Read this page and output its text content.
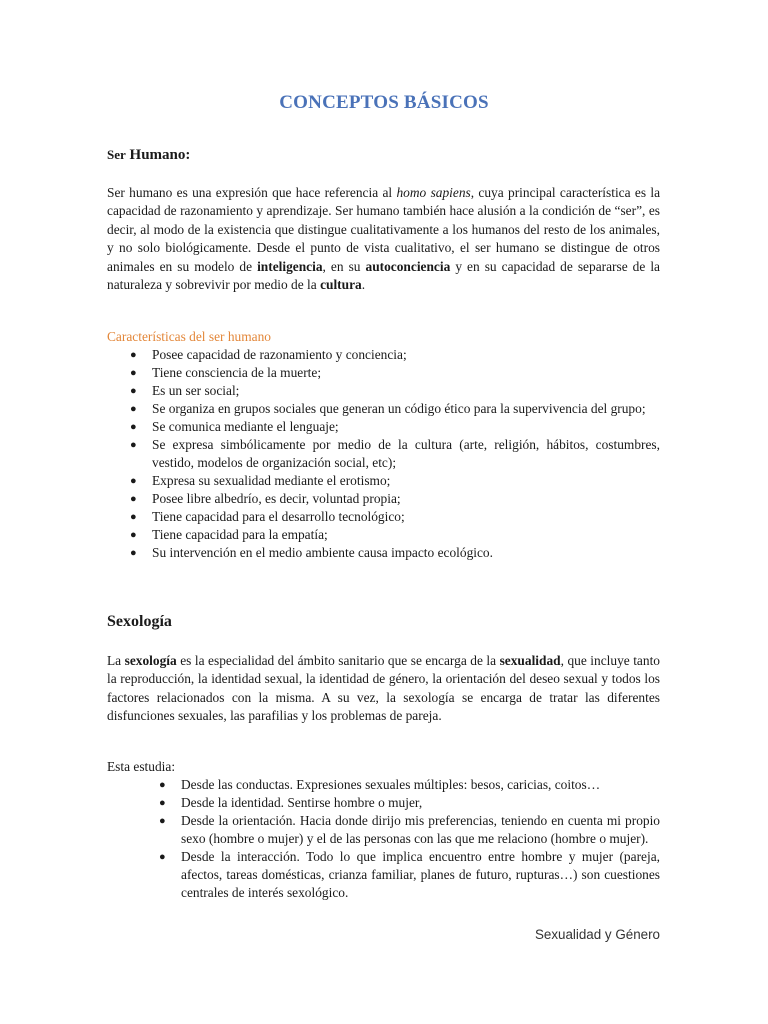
CONCEPTOS BÁSICOS
Ser Humano:

Ser humano es una expresión que hace referencia al homo sapiens, cuya principal característica es la capacidad de razonamiento y aprendizaje. Ser humano también hace alusión a la condición de “ser”, es decir, al modo de la existencia que distingue cualitativamente a los humanos del resto de los animales, y no solo biológicamente. Desde el punto de vista cualitativo, el ser humano se distingue de otros animales en su modelo de inteligencia, en su autoconciencia y en su capacidad de separarse de la naturaleza y sobrevivir por medio de la cultura.

Características del ser humano
● Posee capacidad de razonamiento y conciencia;
● Tiene consciencia de la muerte;
● Es un ser social;
● Se organiza en grupos sociales que generan un código ético para la supervivencia del grupo;
● Se comunica mediante el lenguaje;
● Se expresa simbólicamente por medio de la cultura (arte, religión, hábitos, costumbres, vestido, modelos de organización social, etc);
● Expresa su sexualidad mediante el erotismo;
● Posee libre albedrío, es decir, voluntad propia;
● Tiene capacidad para el desarrollo tecnológico;
● Tiene capacidad para la empatía;
● Su intervención en el medio ambiente causa impacto ecológico.
Sexología

La sexología es la especialidad del ámbito sanitario que se encarga de la sexualidad, que incluye tanto la reproducción, la identidad sexual, la identidad de género, la orientación del deseo sexual y todos los factores relacionados con la misma. A su vez, la sexología se encarga de tratar las diferentes disfunciones sexuales, las parafilias y los problemas de pareja.

Esta estudia:
● Desde las conductas. Expresiones sexuales múltiples: besos, caricias, coitos…
● Desde la identidad. Sentirse hombre o mujer,
● Desde la orientación. Hacia donde dirijo mis preferencias, teniendo en cuenta mi propio sexo (hombre o mujer) y el de las personas con las que me relaciono (hombre o mujer).
● Desde la interacción. Todo lo que implica encuentro entre hombre y mujer (pareja, afectos, tareas domésticas, crianza familiar, planes de futuro, rupturas…) son cuestiones centrales de interés sexológico.
Sexualidad y Género
